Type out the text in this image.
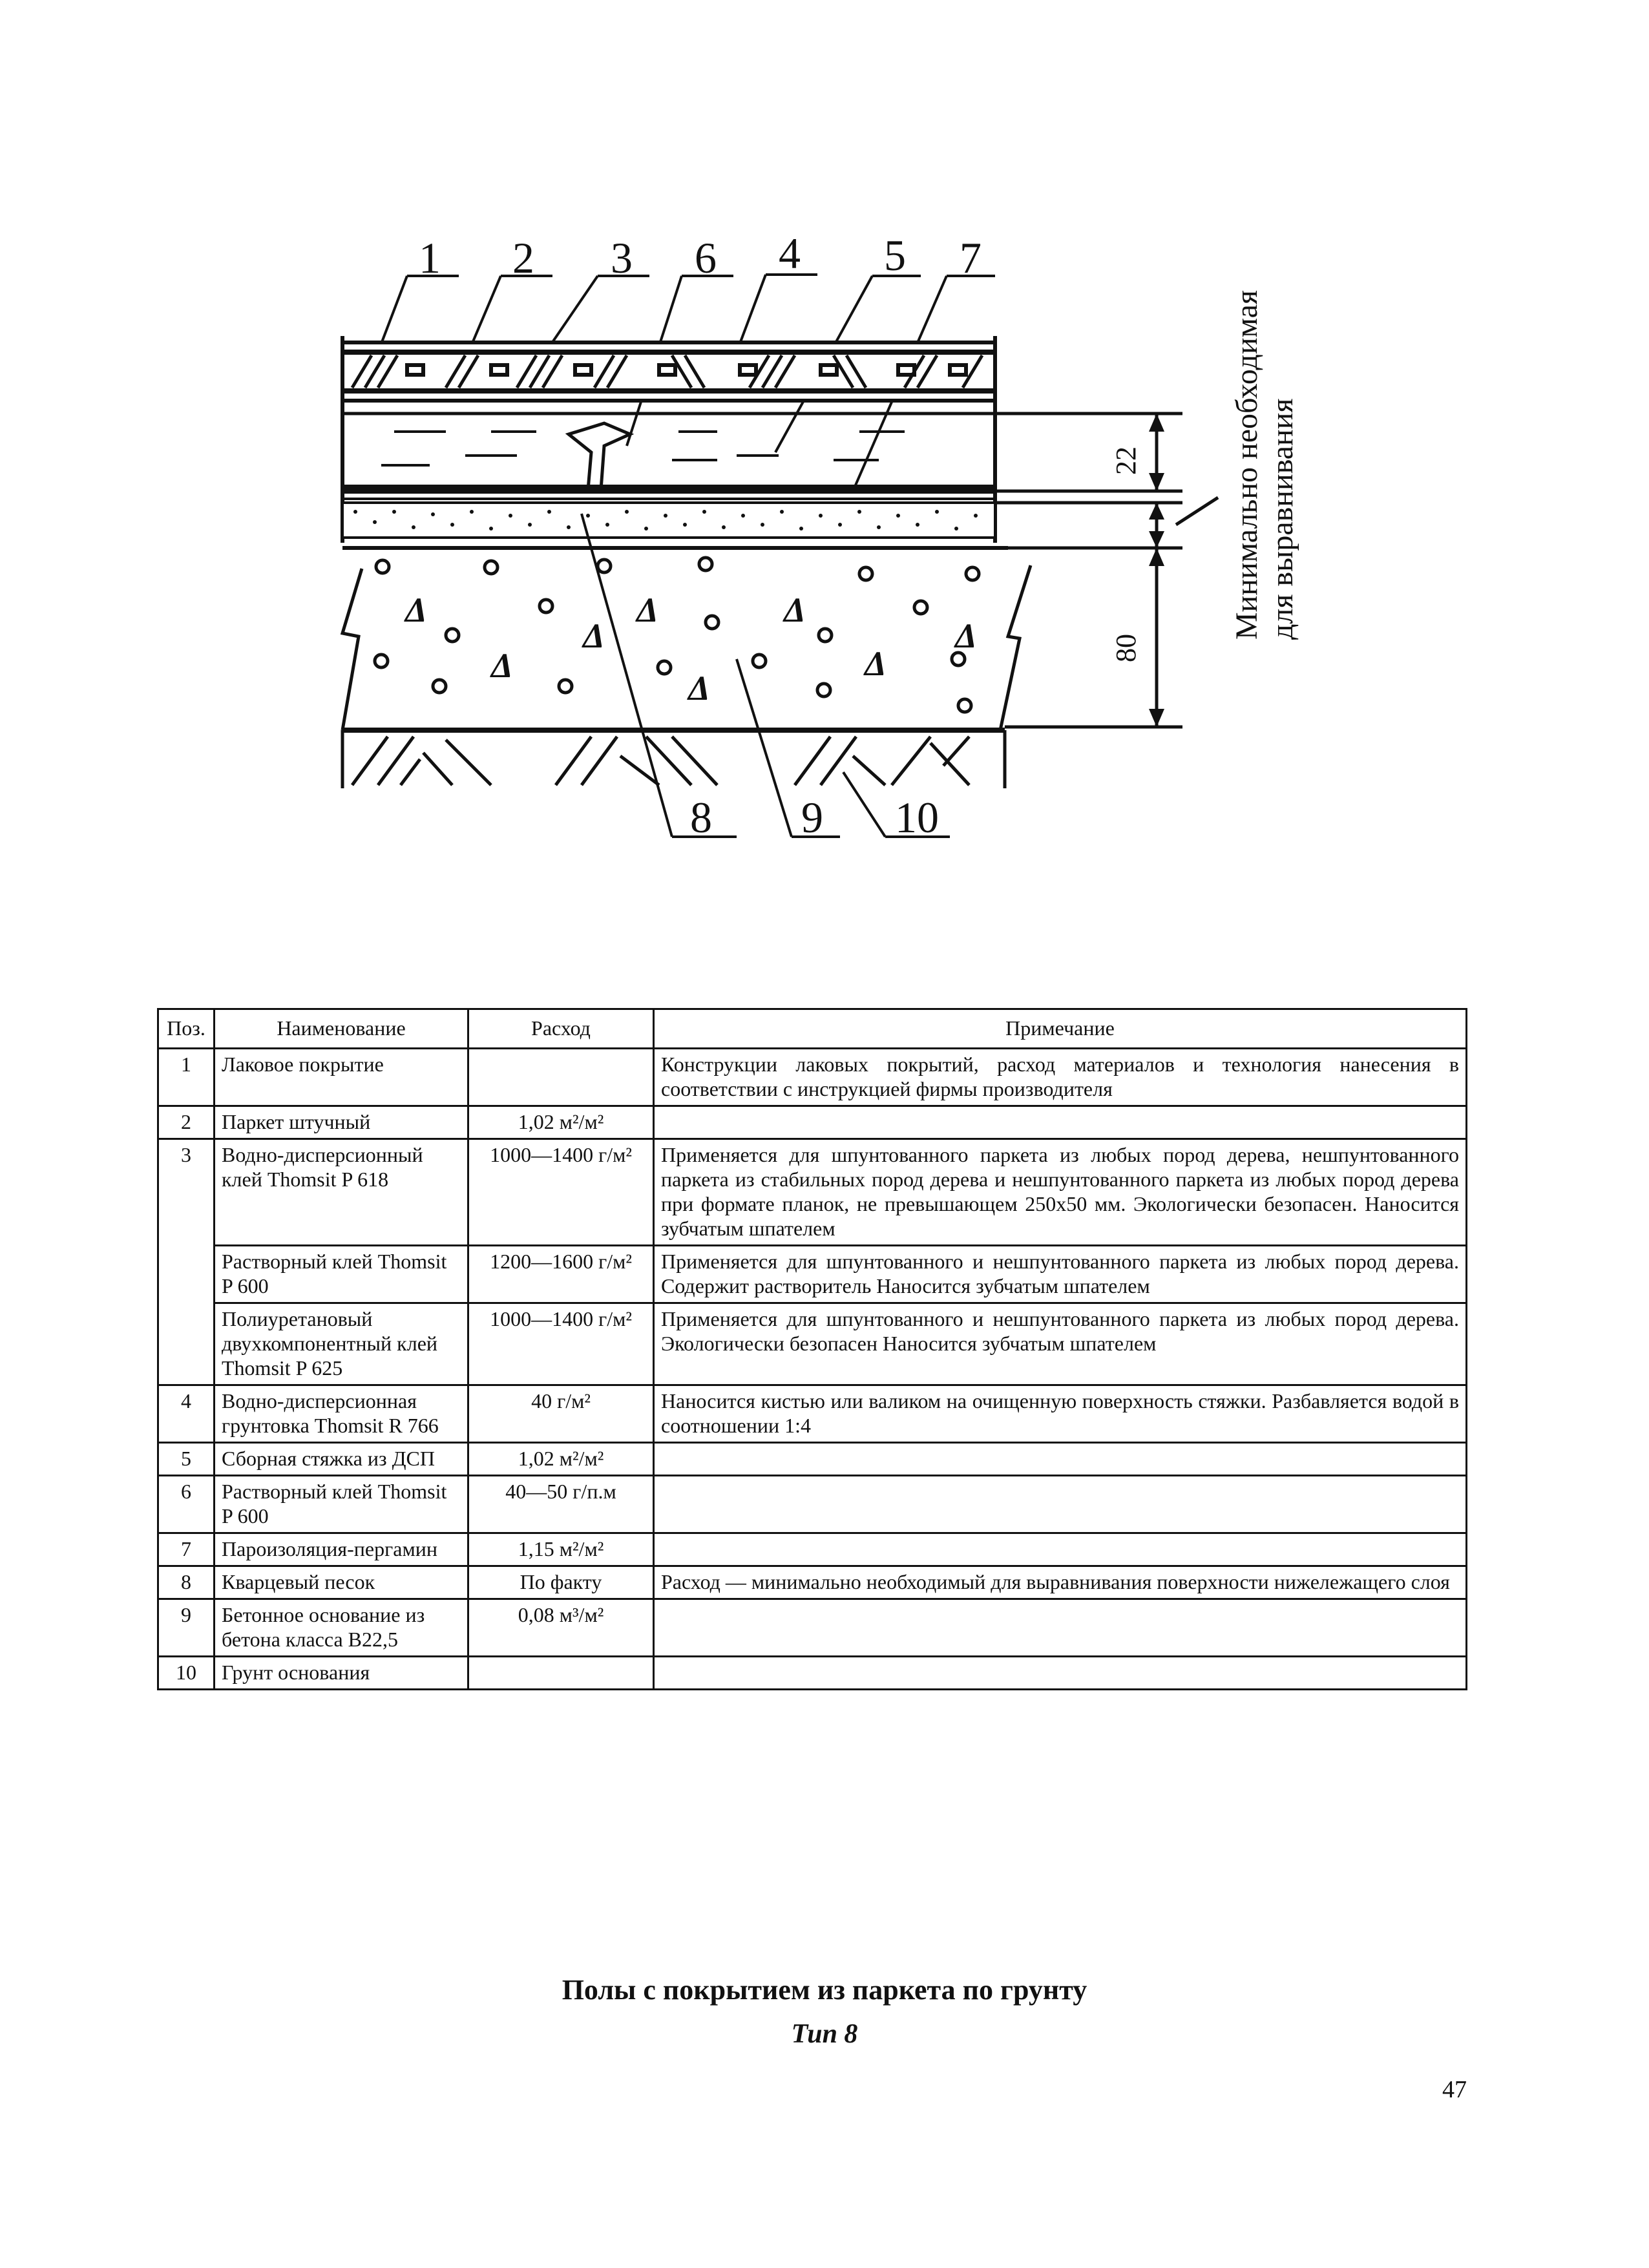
1 2 3 6 4 5 7
Δ	Δ	Δ
Δ	Δ
Δ	Δ
Δ
8 9 10
22
80
Минимально необходимая для выравнивания
Поз.	Наименование	Расход	Примечание
1	Лаковое покрытие		Конструкции лаковых покрытий, расход материалов и технология нанесения в соответствии с инструкцией фирмы производителя
2	Паркет штучный	1,02 м²/м²	
3	Водно-дисперсионный клей Thomsit P 618	1000—1400 г/м²	Применяется для шпунтованного паркета из любых пород дерева, нешпунтованного паркета из стабильных пород дерева и нешпунтованного паркета из любых пород дерева при формате планок, не превышающем 250х50 мм. Экологически безопасен. Наносится зубчатым шпателем
	Растворный клей Thomsit P 600	1200—1600 г/м²	Применяется для шпунтованного и нешпунтованного паркета из любых пород дерева. Содержит растворитель Наносится зубчатым шпателем
	Полиуретановый двухкомпонентный клей Thomsit P 625	1000—1400 г/м²	Применяется для шпунтованного и нешпунтованного паркета из любых пород дерева. Экологически безопасен Наносится зубчатым шпателем
4	Водно-дисперсионная грунтовка Thomsit R 766	40 г/м²	Наносится кистью или валиком на очищенную поверхность стяжки. Разбавляется водой в соотношении 1:4
5	Сборная стяжка из ДСП	1,02 м²/м²	
6	Растворный клей Thomsit P 600	40—50 г/п.м	
7	Пароизоляция-пергамин	1,15 м²/м²	
8	Кварцевый песок	По факту	Расход — минимально необходимый для выравнивания поверхности нижележащего слоя
9	Бетонное основание из бетона класса В22,5	0,08 м³/м²	
10	Грунт основания		
Полы с покрытием из паркета по грунту
Тип 8
47
